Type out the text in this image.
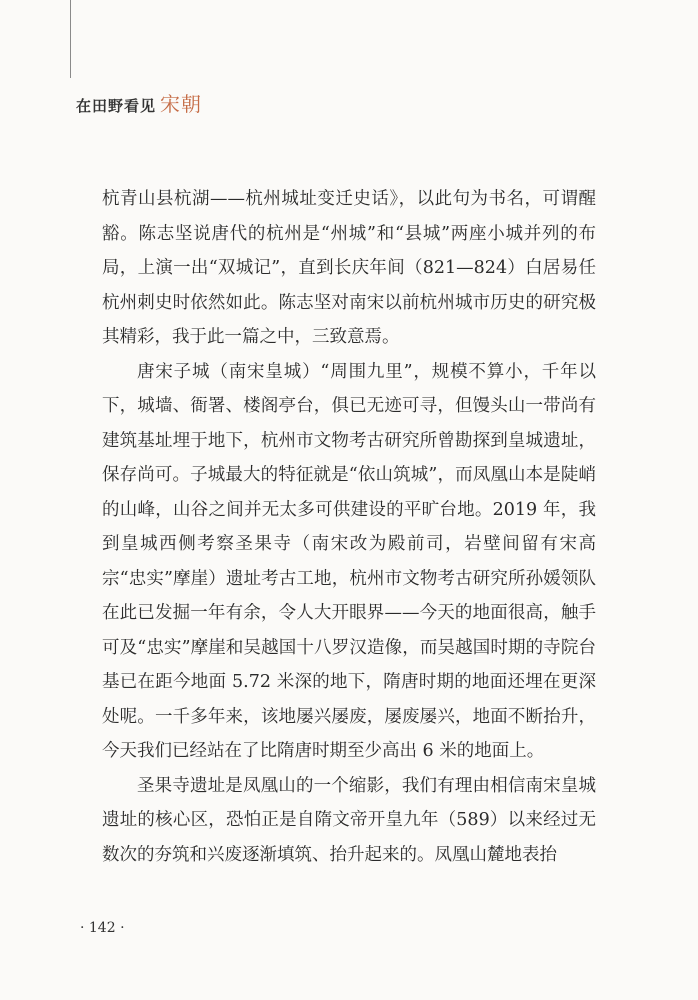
在田野看见 宋朝

杭青山县杭湖——杭州城址变迁史话》，以此句为书名，可谓醒豁。陈志坚说唐代的杭州是“州城”和“县城”两座小城并列的布局，上演一出“双城记”，直到长庆年间（821—824）白居易任杭州刺史时依然如此。陈志坚对南宋以前杭州城市历史的研究极其精彩，我于此一篇之中，三致意焉。

唐宋子城（南宋皇城）“周围九里”，规模不算小，千年以下，城墙、衙署、楼阁亭台，俱已无迹可寻，但馒头山一带尚有建筑基址埋于地下，杭州市文物考古研究所曾勘探到皇城遗址，保存尚可。子城最大的特征就是“依山筑城”，而凤凰山本是陡峭的山峰，山谷之间并无太多可供建设的平旷台地。2019 年，我到皇城西侧考察圣果寺（南宋改为殿前司，岩壁间留有宋高宗“忠实”摩崖）遗址考古工地，杭州市文物考古研究所孙媛领队在此已发掘一年有余，令人大开眼界——今天的地面很高，触手可及“忠实”摩崖和吴越国十八罗汉造像，而吴越国时期的寺院台基已在距今地面 5.72 米深的地下，隋唐时期的地面还埋在更深处呢。一千多年来，该地屡兴屡废，屡废屡兴，地面不断抬升，今天我们已经站在了比隋唐时期至少高出 6 米的地面上。

圣果寺遗址是凤凰山的一个缩影，我们有理由相信南宋皇城遗址的核心区，恐怕正是自隋文帝开皇九年（589）以来经过无数次的夯筑和兴废逐渐填筑、抬升起来的。凤凰山麓地表抬

· 142 ·
